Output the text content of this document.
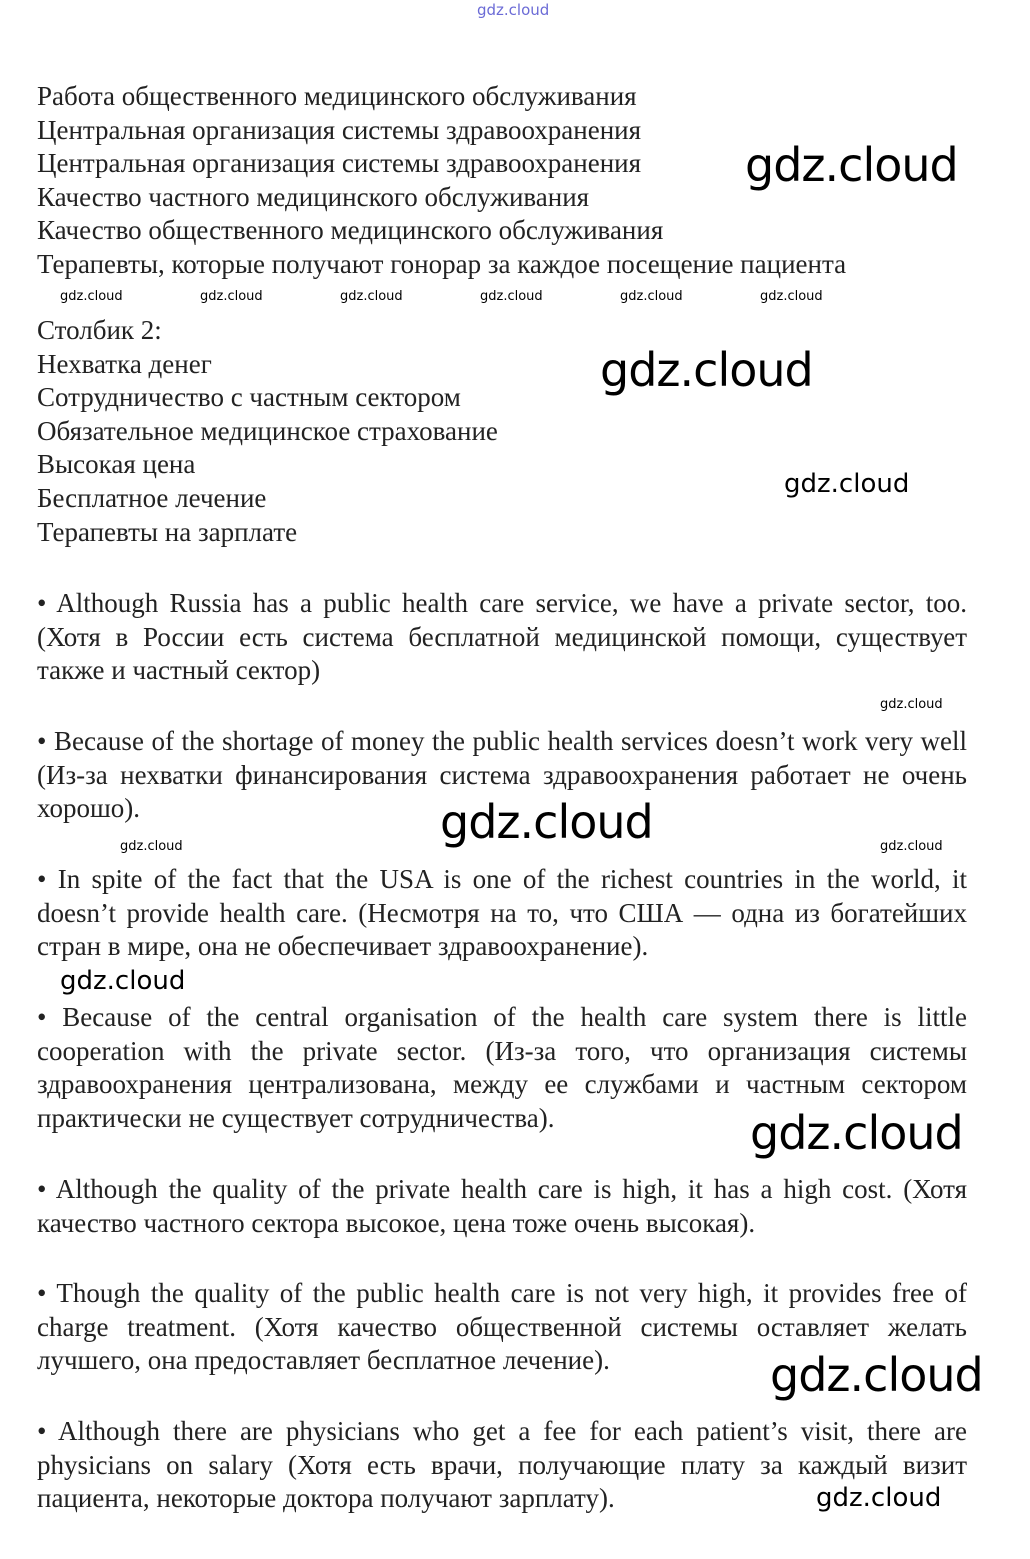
Работа общественного медицинского обслуживания

Центральная организация системы здравоохранения

Центральная организация системы здравоохранения

Качество частного медицинского обслуживания

Качество общественного медицинского обслуживания

Терапевты, которые получают гонорар за каждое посещение пациента

Столбик 2:

Нехватка денег

Сотрудничество с частным сектором

Обязательное медицинское страхование

Высокая цена

Бесплатное лечение

Терапевты на зарплате

• Although Russia has a public health care service, we have a private sector, too. (Хотя в России есть система бесплатной медицинской помощи, существует также и частный сектор)
• Because of the shortage of money the public health services doesn’t work very well (Из-за нехватки финансирования система здравоохранения работает не очень хорошо).
• In spite of the fact that the USA is one of the richest countries in the world, it doesn’t provide health care. (Несмотря на то, что США — одна из богатейших стран в мире, она не обеспечивает здравоохранение).
• Because of the central organisation of the health care system there is little cooperation with the private sector. (Из-за того, что организация системы здравоохранения централизована, между ее службами и частным сектором практически не существует сотрудничества).
• Although the quality of the private health care is high, it has a high cost. (Хотя качество частного сектора высокое, цена тоже очень высокая).
• Though the quality of the public health care is not very high, it provides free of charge treatment. (Хотя качество общественной системы оставляет желать лучшего, она предоставляет бесплатное лечение).
• Although there are physicians who get a fee for each patient’s visit, there are physicians on salary (Хотя есть врачи, получающие плату за каждый визит пациента, некоторые доктора получают зарплату).
gdz.cloud
gdz.cloud	gdz.cloud	gdz.cloud	gdz.cloud	gdz.cloud	gdz.cloud
gdz.cloud
gdz.cloud
gdz.cloud
gdz.cloud
gdz.cloud
gdz.cloud	gdz.cloud
gdz.cloud
gdz.cloud
gdz.cloud
gdz.cloud
